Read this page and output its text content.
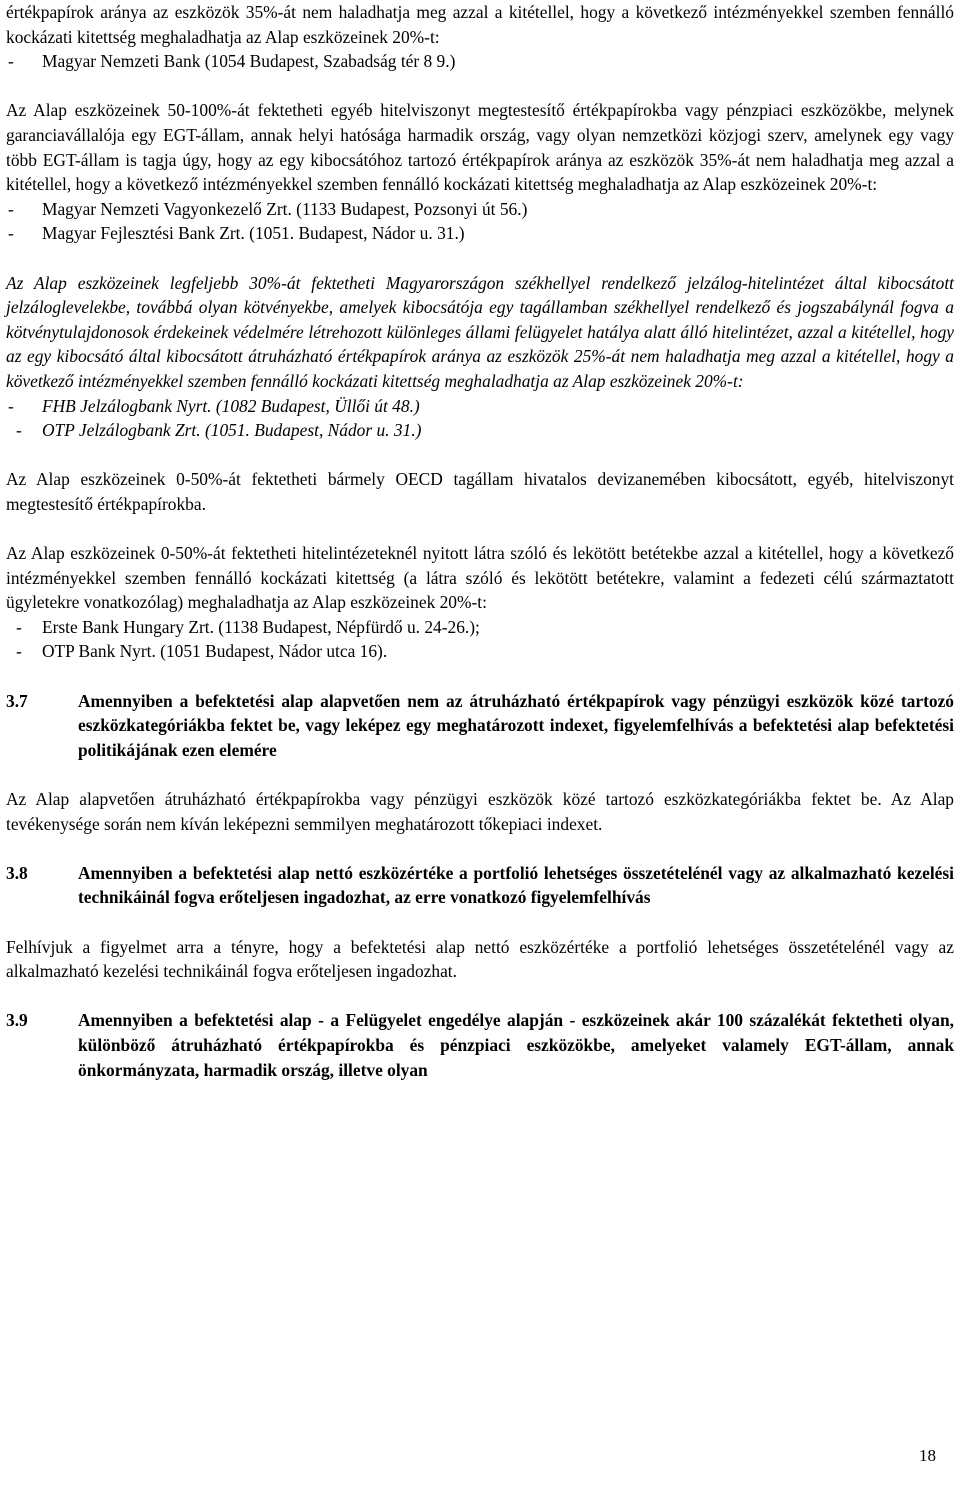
értékpapírok aránya az eszközök 35%-át nem haladhatja meg azzal a kitétellel, hogy a következő intézményekkel szemben fennálló kockázati kitettség meghaladhatja az Alap eszközeinek 20%-t:

-	Magyar Nemzeti Bank (1054 Budapest, Szabadság tér 8 9.)

Az Alap eszközeinek 50-100%-át fektetheti egyéb hitelviszonyt megtestesítő értékpapírokba vagy pénzpiaci eszközökbe, melynek garanciavállalója egy EGT-állam, annak helyi hatósága harmadik ország, vagy olyan nemzetközi közjogi szerv, amelynek egy vagy több EGT-állam is tagja úgy, hogy az egy kibocsátóhoz tartozó értékpapírok aránya az eszközök 35%-át nem haladhatja meg azzal a kitétellel, hogy a következő intézményekkel szemben fennálló kockázati kitettség meghaladhatja az Alap eszközeinek 20%-t:

-	Magyar Nemzeti Vagyonkezelő Zrt. (1133 Budapest, Pozsonyi út 56.)
-	Magyar Fejlesztési Bank Zrt. (1051. Budapest, Nádor u. 31.)

Az Alap eszközeinek legfeljebb 30%-át fektetheti Magyarországon székhellyel rendelkező jelzálog-hitelintézet által kibocsátott jelzáloglevelekbe, továbbá olyan kötvényekbe, amelyek kibocsátója egy tagállamban székhellyel rendelkező és jogszabálynál fogva a kötvénytulajdonosok érdekeinek védelmére létrehozott különleges állami felügyelet hatálya alatt álló hitelintézet, azzal a kitétellel, hogy az egy kibocsátó által kibocsátott átruházható értékpapírok aránya az eszközök 25%-át nem haladhatja meg azzal a kitétellel, hogy a következő intézményekkel szemben fennálló kockázati kitettség meghaladhatja az Alap eszközeinek 20%-t:

-	FHB Jelzálogbank Nyrt. (1082 Budapest, Üllői út 48.)
-	OTP Jelzálogbank Zrt. (1051. Budapest, Nádor u. 31.)

Az Alap eszközeinek 0-50%-át fektetheti bármely OECD tagállam hivatalos devizanemében kibocsátott, egyéb, hitelviszonyt megtestesítő értékpapírokba.

Az Alap eszközeinek 0-50%-át fektetheti hitelintézeteknél nyitott látra szóló és lekötött betétekbe azzal a kitétellel, hogy a következő intézményekkel szemben fennálló kockázati kitettség (a látra szóló és lekötött betétekre, valamint a fedezeti célú származtatott ügyletekre vonatkozólag) meghaladhatja az Alap eszközeinek 20%-t:

-	Erste Bank Hungary Zrt. (1138 Budapest, Népfürdő u. 24-26.);
-	OTP Bank Nyrt. (1051 Budapest, Nádor utca 16).
3.7	Amennyiben a befektetési alap alapvetően nem az átruházható értékpapírok vagy pénzügyi eszközök közé tartozó eszközkategóriákba fektet be, vagy leképez egy meghatározott indexet, figyelemfelhívás a befektetési alap befektetési politikájának ezen elemére

Az Alap alapvetően átruházható értékpapírokba vagy pénzügyi eszközök közé tartozó eszközkategóriákba fektet be. Az Alap tevékenysége során nem kíván leképezni semmilyen meghatározott tőkepiaci indexet.

3.8	Amennyiben a befektetési alap nettó eszközértéke a portfolió lehetséges összetételénél vagy az alkalmazható kezelési technikáinál fogva erőteljesen ingadozhat, az erre vonatkozó figyelemfelhívás

Felhívjuk a figyelmet arra a tényre, hogy a befektetési alap nettó eszközértéke a portfolió lehetséges összetételénél vagy az alkalmazható kezelési technikáinál fogva erőteljesen ingadozhat.

3.9	Amennyiben a befektetési alap - a Felügyelet engedélye alapján - eszközeinek akár 100 százalékát fektetheti olyan, különböző átruházható értékpapírokba és pénzpiaci eszközökbe, amelyeket valamely EGT-állam, annak önkormányzata, harmadik ország, illetve olyan
18
